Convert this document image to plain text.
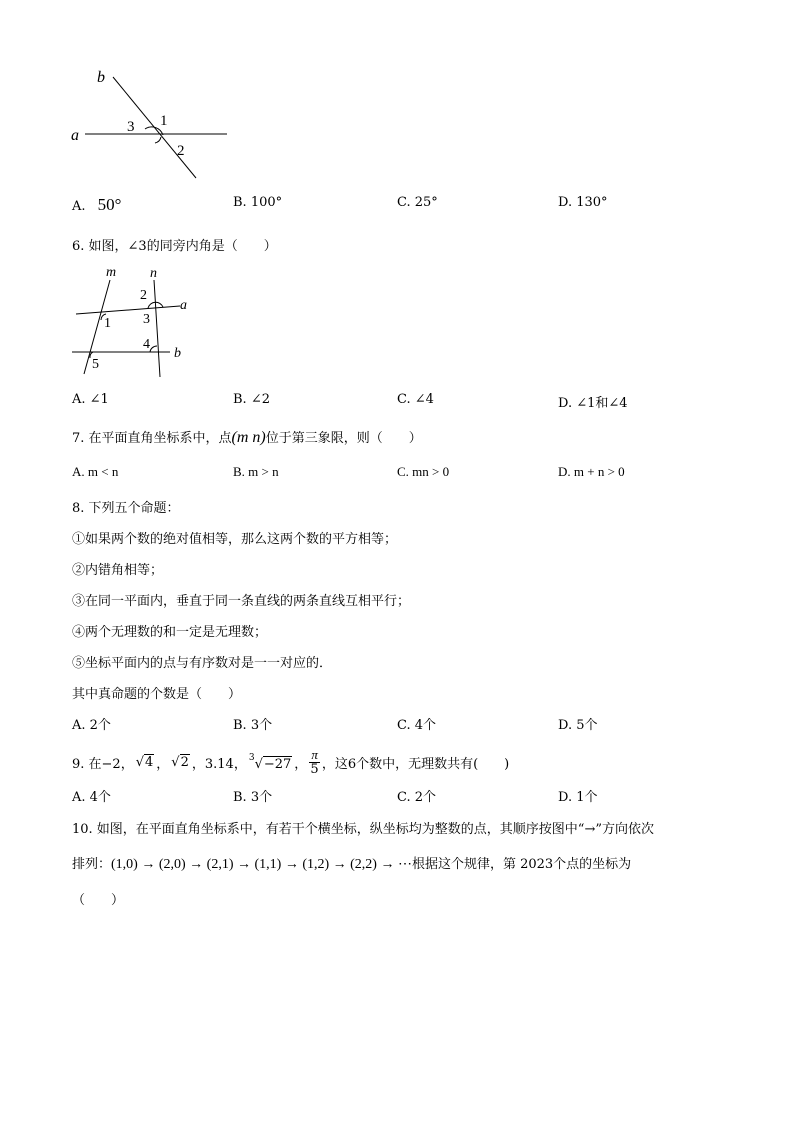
b
a	3 1
2
A. 50°	B. 100°	C. 25°	D. 130°
6. 如图，∠3的同旁内角是（　　）
m n
a
b
2
3
1
4
5
A. ∠1	B. ∠2	C. ∠4	D. ∠1和∠4
7. 在平面直角坐标系中，点(m n)位于第三象限，则（　　）
A. m < n	B. m > n	C. mn > 0	D. m + n > 0
8. 下列五个命题：
①如果两个数的绝对值相等，那么这两个数的平方相等；
②内错角相等；
③在同一平面内，垂直于同一条直线的两条直线互相平行；
④两个无理数的和一定是无理数；
⑤坐标平面内的点与有序数对是一一对应的．
其中真命题的个数是（　　）
A. 2个	B. 3个	C. 4个	D. 5个
9. 在−2， √4 ， √2 ，3.14， $^3$√−27 ， $\frac{\pi}{5}$ ，这6个数中，无理数共有(　　)
A. 4个	B. 3个	C. 2个	D. 1个
10. 如图，在平面直角坐标系中，有若干个横坐标，纵坐标均为整数的点，其顺序按图中“→”方向依次
排列：(1,0) → (2,0) → (2,1) → (1,1) → (1,2) → (2,2) → ⋯根据这个规律，第 2023个点的坐标为
（　　）
